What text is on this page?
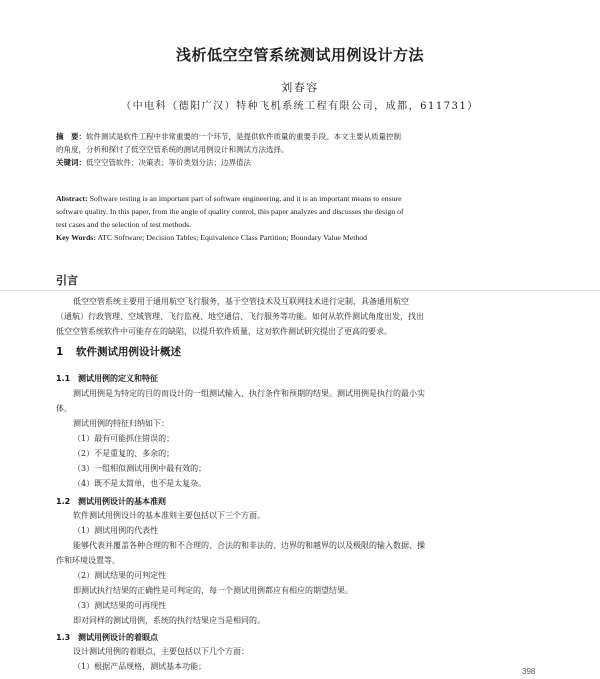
浅析低空空管系统测试用例设计方法
刘春容
（中电科（德阳广汉）特种飞机系统工程有限公司，成都，611731）

摘　要：软件测试是软件工程中非常重要的一个环节，是提供软件质量的重要手段。本文主要从质量控制

的角度，分析和探讨了低空空管系统的测试用例设计和测试方法选择。

关键词：低空空管软件；决策表；等价类划分法；边界值法

Abstract: Software testing is an important part of software engineering, and it is an important means to ensure

software quality. In this paper, from the angle of quality control, this paper analyzes and discusses the design of

test cases and the selection of test methods.

Key Words: ATC Software; Decision Tables; Equivalence Class Partition; Boundary Value Method

引言

低空空管系统主要用于通用航空飞行服务，基于空管技术及互联网技术进行定制，具备通用航空

（通航）行政管理、空域管理、飞行监视、地空通信、飞行服务等功能。如何从软件测试角度出发，找出

低空空管系统软件中可能存在的缺陷，以提升软件质量，这对软件测试研究提出了更高的要求。

1 软件测试用例设计概述
1.1 测试用例的定义和特征

测试用例是为特定的目的而设计的一组测试输入、执行条件和预期的结果。测试用例是执行的最小实

体。

测试用例的特征归纳如下：

（1）最有可能抓住错误的；

（2）不是重复的、多余的；

（3）一组相似测试用例中最有效的；

（4）既不是太简单，也不是太复杂。

1.2 测试用例设计的基本准则

软件测试用例设计的基本准则主要包括以下三个方面。

（1）测试用例的代表性

能够代表并覆盖各种合理的和不合理的、合法的和非法的、边界的和越界的以及极限的输入数据、操

作和环境设置等。

（2）测试结果的可判定性

即测试执行结果的正确性是可判定的，每一个测试用例都应有相应的期望结果。

（3）测试结果的可再现性

即对同样的测试用例，系统的执行结果应当是相同的。

1.3 测试用例设计的着眼点

设计测试用例的着眼点，主要包括以下几个方面：

（1）根据产品规格，测试基本功能；

398
